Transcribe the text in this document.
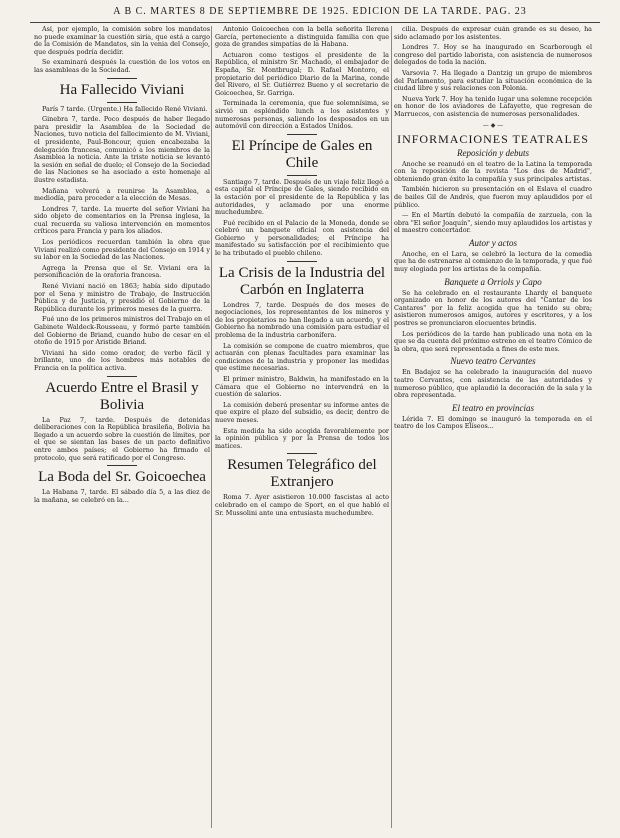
A B C. MARTES 8 DE SEPTIEMBRE DE 1925. EDICIÓN DE LA TARDE. PAG. 23

Así, por ejemplo, la comisión sobre los mandatos no puede examinar la cuestión siria, que está a cargo de la Comisión de Mandatos, sin la venia del Consejo, que después podría decidir.

Se examinará después la cuestión de los votos en las asambleas de la Sociedad.

Ha Fallecido Viviani

París 7 tarde. (Urgente.) Ha fallecido René Viviani.

Ginebra 7, tarde. Poco después de haber llegado para presidir la Asamblea de la Sociedad de Naciones, tuvo noticia del fallecimiento de M. Viviani, el presidente, Paul-Boncour, quien encabezaba la delegación francesa, comunicó a los miembros de la Asamblea la noticia. Ante la triste noticia se levantó la sesión en señal de duelo; el Consejo de la Sociedad de las Naciones se ha asociado a este homenaje al ilustre estadista.

Mañana volverá a reunirse la Asamblea, a mediodía, para proceder a la elección de Mesas.

Londres 7, tarde. La muerte del señor Viviani ha sido objeto de comentarios en la Prensa inglesa, la cual recuerda su valiosa intervención en momentos críticos para Francia y para los aliados.

Los periódicos recuerdan también la obra que Viviani realizó como presidente del Consejo en 1914 y su labor en la Sociedad de las Naciones.

Agrega la Prensa que el Sr. Viviani era la personificación de la oratoria francesa.

René Viviani nació en 1863; había sido diputado por el Sena y ministro de Trabajo, de Instrucción Pública y de Justicia, y presidió el Gobierno de la República durante los primeros meses de la guerra.

Fué uno de los primeros ministros del Trabajo en el Gabinete Waldeck-Rousseau, y formó parte también del Gobierno de Briand, cuando hubo de cesar en el otoño de 1915 por Aristide Briand.

Viviani ha sido como orador, de verbo fácil y brillante, uno de los hombres más notables de Francia en la política activa.

Acuerdo Entre el Brasil y Bolivia

La Paz 7, tarde. Después de detenidas deliberaciones con la República brasileña, Bolivia ha llegado a un acuerdo sobre la cuestión de límites, por el que se sientan las bases de un pacto definitivo entre ambos países; el Gobierno ha firmado el protocolo, que será ratificado por el Congreso.

La Boda del Sr. Goicoechea

La Habana 7, tarde. El sábado día 5, a las diez de la mañana, se celebró en la...

Antonio Goicoechea con la bella señorita Ilerena García, perteneciente a distinguida familia con que goza de grandes simpatías de la Habana.

Actuaron como testigos el presidente de la República, el ministro Sr. Machado, el embajador de España, Sr. Montbrugal; D. Rafael Montoro, el propietario del periódico Diario de la Marina, conde del Rivero, el Sr. Gutiérrez Bueno y el secretario de Goicoechea, Sr. Garriga.

Terminada la ceremonia, que fue solemnísima, se sirvió un espléndido lunch a los asistentes y numerosas personas, saliendo los desposados en un automóvil con dirección a Estados Unidos.

El Príncipe de Gales en Chile

Santiago 7, tarde. Después de un viaje feliz llegó a esta capital el Príncipe de Gales, siendo recibido en la estación por el presidente de la República y las autoridades, y aclamado por una enorme muchedumbre.

Fué recibido en el Palacio de la Moneda, donde se celebró un banquete oficial con asistencia del Gobierno y personalidades; el Príncipe ha manifestado su satisfacción por el recibimiento que le ha tributado el pueblo chileno.

La Crisis de la Industria del Carbón en Inglaterra

Londres 7, tarde. Después de dos meses de negociaciones, los representantes de los mineros y de los propietarios no han llegado a un acuerdo, y el Gobierno ha nombrado una comisión para estudiar el problema de la industria carbonífera.

La comisión se compone de cuatro miembros, que actuarán con plenas facultades para examinar las condiciones de la industria y proponer las medidas que estime necesarias.

El primer ministro, Baldwin, ha manifestado en la Cámara que el Gobierno no intervendrá en la cuestión de salarios.

La comisión deberá presentar su informe antes de que expire el plazo del subsidio, es decir, dentro de nueve meses.

Esta medida ha sido acogida favorablemente por la opinión pública y por la Prensa de todos los matices.

Resumen Telegráfico del Extranjero

Roma 7. Ayer asistieron 10.000 fascistas al acto celebrado en el campo de Sport, en el que habló el Sr. Mussolini ante una entusiasta muchedumbre.

cilia. Después de expresar cuán grande es su deseo, ha sido aclamado por los asistentes.

Londres 7. Hoy se ha inaugurado en Scarborough el congreso del partido laborista, con asistencia de numerosos delegados de toda la nación.

Varsovia 7. Ha llegado a Dantzig un grupo de miembros del Parlamento, para estudiar la situación económica de la ciudad libre y sus relaciones con Polonia.

Nueva York 7. Hoy ha tenido lugar una solemne recepción en honor de los aviadores de Lafayette, que regresan de Marruecos, con asistencia de numerosas personalidades.

— ◆ —
INFORMACIONES TEATRALES
Reposición y debuts

Anoche se reanudó en el teatro de la Latina la temporada con la reposición de la revista "Los dos de Madrid", obteniendo gran éxito la compañía y sus principales artistas.

También hicieron su presentación en el Eslava el cuadro de bailes Gil de Andrés, que fueron muy aplaudidos por el público.

— En el Martín debutó la compañía de zarzuela, con la obra "El señor Joaquín", siendo muy aplaudidos los artistas y el maestro concertador.

Autor y actos

Anoche, en el Lara, se celebró la lectura de la comedia que ha de estrenarse al comienzo de la temporada, y que fué muy elogiada por los artistas de la compañía.

Banquete a Orriols y Capo

Se ha celebrado en el restaurante Lhardy el banquete organizado en honor de los autores del "Cantar de los Cantares" por la feliz acogida que ha tenido su obra; asistieron numerosos amigos, autores y escritores, y a los postres se pronunciaron elocuentes brindis.

Los periódicos de la tarde han publicado una nota en la que se da cuenta del próximo estreno en el teatro Cómico de la obra, que será representada a fines de este mes.

Nuevo teatro Cervantes

En Badajoz se ha celebrado la inauguración del nuevo teatro Cervantes, con asistencia de las autoridades y numeroso público, que aplaudió la decoración de la sala y la obra representada.

El teatro en provincias

Lérida 7. El domingo se inauguró la temporada en el teatro de los Campos Elíseos...
